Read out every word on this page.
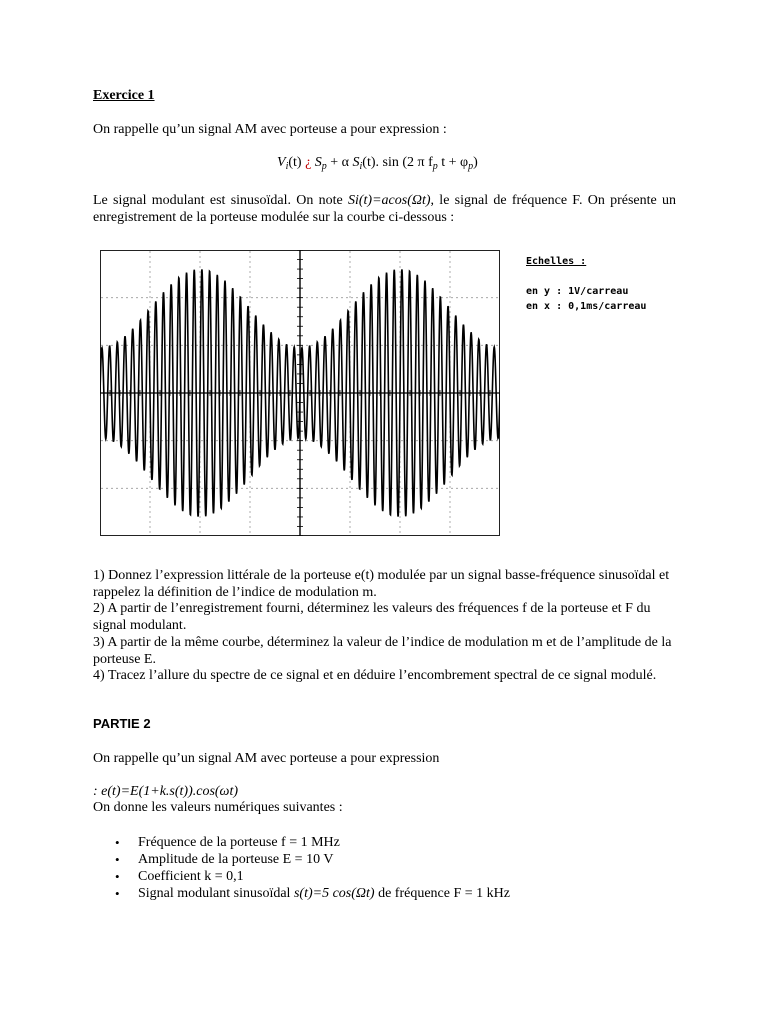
Exercice 1
On rappelle qu’un signal AM avec porteuse a pour expression :
$V_i(t)$ ¿ $S_p + \alpha$ $S_i(t)$. sin (2 π $f_p$ $t + \varphi_p$)
Le signal modulant est sinusoïdal. On note Si(t)=acos(Ωt), le signal de fréquence F. On présente un enregistrement de la porteuse modulée sur la courbe ci-dessous :
Echelles :
en y : 1V/carreau
en x : 0,1ms/carreau
1) Donnez l’expression littérale de la porteuse e(t) modulée par un signal basse-fréquence sinusoïdal et rappelez la définition de l’indice de modulation m.
2) A partir de l’enregistrement fourni, déterminez les valeurs des fréquences f de la porteuse et F du signal modulant.
3) A partir de la même courbe, déterminez la valeur de l’indice de modulation m et de l’amplitude de la porteuse E.
4) Tracez l’allure du spectre de ce signal et en déduire l’encombrement spectral de ce signal modulé.
PARTIE 2
On rappelle qu’un signal AM avec porteuse a pour expression
: e(t)=E(1+k.s(t)).cos(ωt)
On donne les valeurs numériques suivantes :
• Fréquence de la porteuse f = 1 MHz
• Amplitude de la porteuse E = 10 V
• Coefficient k = 0,1
• Signal modulant sinusoïdal s(t)=5 cos(Ωt) de fréquence F = 1 kHz
